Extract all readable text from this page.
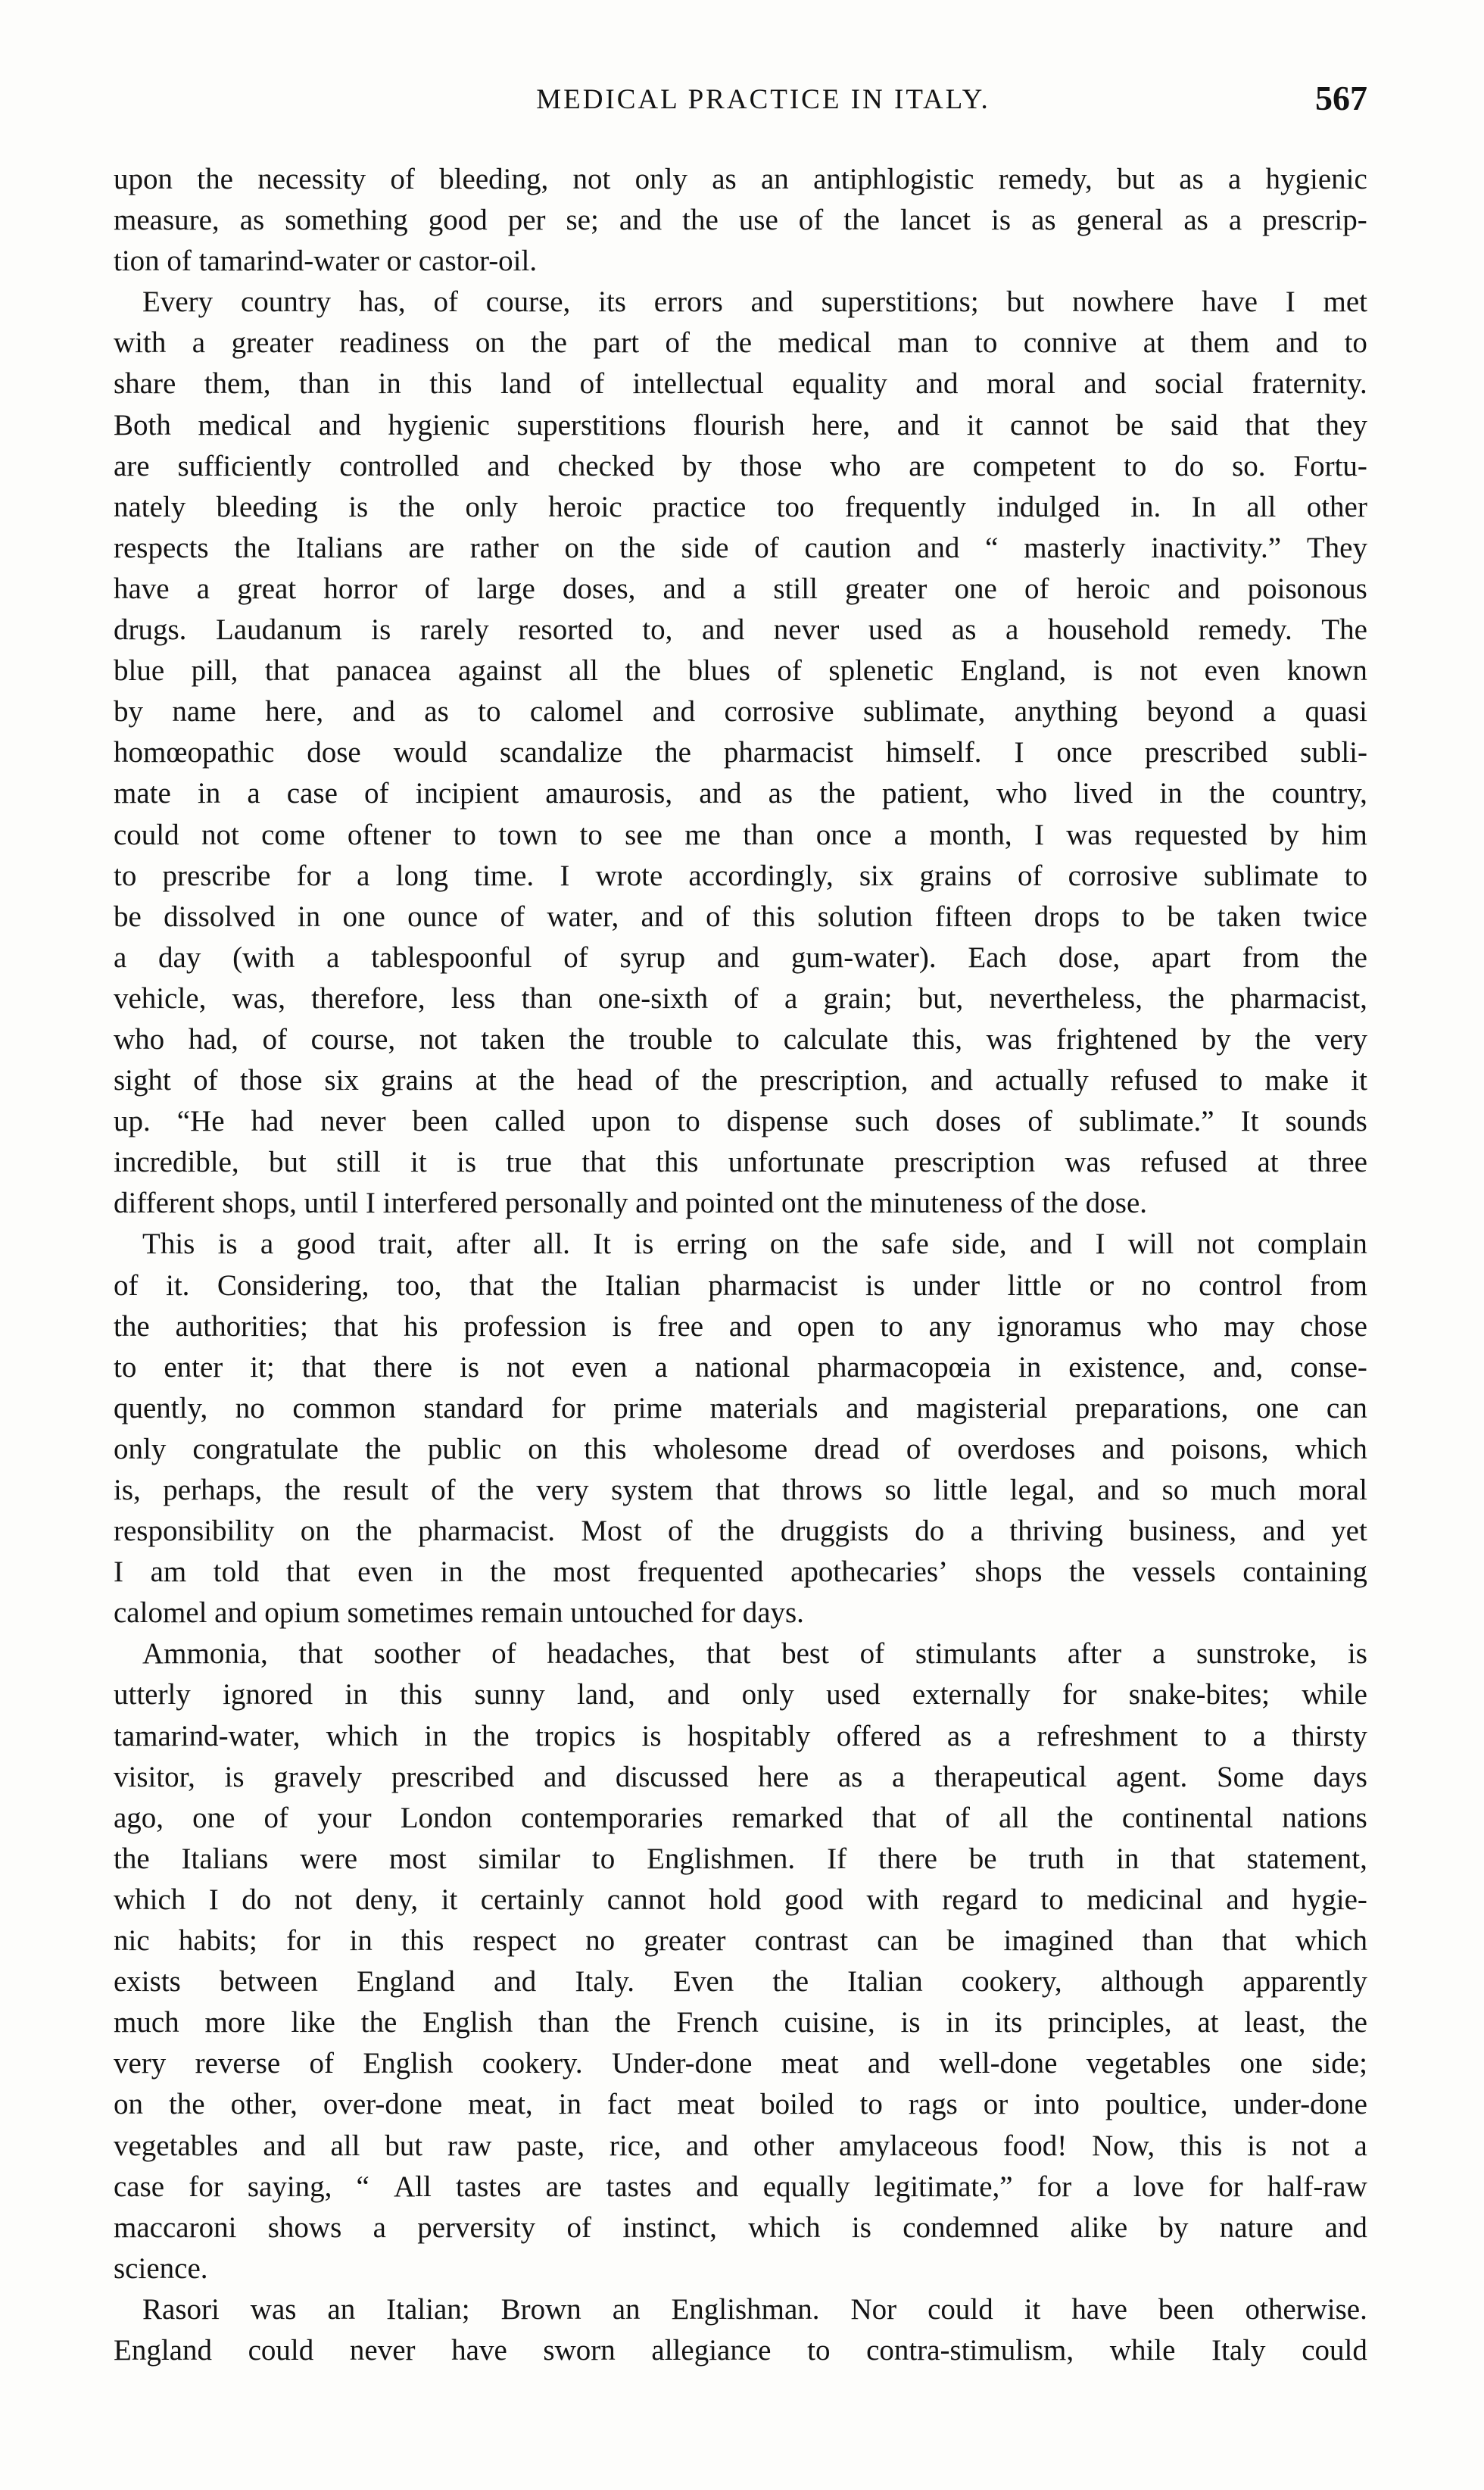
MEDICAL PRACTICE IN ITALY.	567

upon the necessity of bleeding, not only as an antiphlogistic remedy, but as a hygienic
measure, as something good per se; and the use of the lancet is as general as a prescrip-
tion of tamarind-water or castor-oil.

Every country has, of course, its errors and superstitions; but nowhere have I met
with a greater readiness on the part of the medical man to connive at them and to
share them, than in this land of intellectual equality and moral and social fraternity.
Both medical and hygienic superstitions flourish here, and it cannot be said that they
are sufficiently controlled and checked by those who are competent to do so. Fortu-
nately bleeding is the only heroic practice too frequently indulged in. In all other
respects the Italians are rather on the side of caution and “ masterly inactivity.” They
have a great horror of large doses, and a still greater one of heroic and poisonous
drugs. Laudanum is rarely resorted to, and never used as a household remedy. The
blue pill, that panacea against all the blues of splenetic England, is not even known
by name here, and as to calomel and corrosive sublimate, anything beyond a quasi
homœopathic dose would scandalize the pharmacist himself. I once prescribed subli-
mate in a case of incipient amaurosis, and as the patient, who lived in the country,
could not come oftener to town to see me than once a month, I was requested by him
to prescribe for a long time. I wrote accordingly, six grains of corrosive sublimate to
be dissolved in one ounce of water, and of this solution fifteen drops to be taken twice
a day (with a tablespoonful of syrup and gum-water). Each dose, apart from the
vehicle, was, therefore, less than one-sixth of a grain; but, nevertheless, the pharmacist,
who had, of course, not taken the trouble to calculate this, was frightened by the very
sight of those six grains at the head of the prescription, and actually refused to make it
up. “He had never been called upon to dispense such doses of sublimate.” It sounds
incredible, but still it is true that this unfortunate prescription was refused at three
different shops, until I interfered personally and pointed ont the minuteness of the dose.

This is a good trait, after all. It is erring on the safe side, and I will not complain
of it. Considering, too, that the Italian pharmacist is under little or no control from
the authorities; that his profession is free and open to any ignoramus who may chose
to enter it; that there is not even a national pharmacopœia in existence, and, conse-
quently, no common standard for prime materials and magisterial preparations, one can
only congratulate the public on this wholesome dread of overdoses and poisons, which
is, perhaps, the result of the very system that throws so little legal, and so much moral
responsibility on the pharmacist. Most of the druggists do a thriving business, and yet
I am told that even in the most frequented apothecaries’ shops the vessels containing
calomel and opium sometimes remain untouched for days.

Ammonia, that soother of headaches, that best of stimulants after a sunstroke, is
utterly ignored in this sunny land, and only used externally for snake-bites; while
tamarind-water, which in the tropics is hospitably offered as a refreshment to a thirsty
visitor, is gravely prescribed and discussed here as a therapeutical agent. Some days
ago, one of your London contemporaries remarked that of all the continental nations
the Italians were most similar to Englishmen. If there be truth in that statement,
which I do not deny, it certainly cannot hold good with regard to medicinal and hygie-
nic habits; for in this respect no greater contrast can be imagined than that which
exists between England and Italy. Even the Italian cookery, although apparently
much more like the English than the French cuisine, is in its principles, at least, the
very reverse of English cookery. Under-done meat and well-done vegetables one side;
on the other, over-done meat, in fact meat boiled to rags or into poultice, under-done
vegetables and all but raw paste, rice, and other amylaceous food! Now, this is not a
case for saying, “ All tastes are tastes and equally legitimate,” for a love for half-raw
maccaroni shows a perversity of instinct, which is condemned alike by nature and
science.

Rasori was an Italian; Brown an Englishman. Nor could it have been otherwise.
England could never have sworn allegiance to contra-stimulism, while Italy could
